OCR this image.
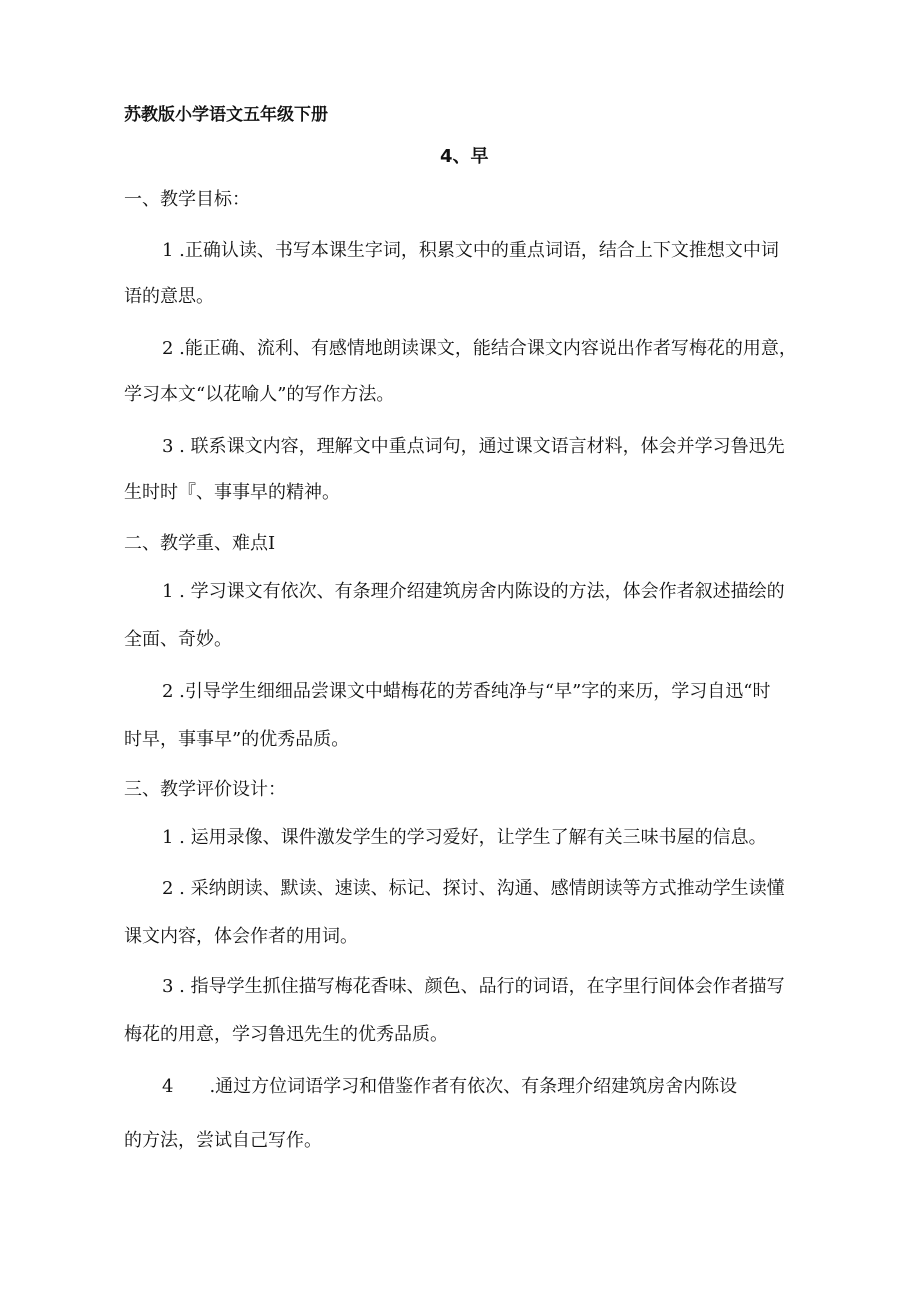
苏教版小学语文五年级下册
4、早
一、教学目标：
1 .正确认读、书写本课生字词，积累文中的重点词语，结合上下文推想文中词
语的意思。
2 .能正确、流利、有感情地朗读课文，能结合课文内容说出作者写梅花的用意，
学习本文“以花喻人”的写作方法。
3 . 联系课文内容，理解文中重点词句，通过课文语言材料，体会并学习鲁迅先
生时时『、事事早的精神。
二、教学重、难点I
1 . 学习课文有依次、有条理介绍建筑房舍内陈设的方法，体会作者叙述描绘的
全面、奇妙。
2 .引导学生细细品尝课文中蜡梅花的芳香纯净与“早”字的来历，学习自迅“时
时早，事事早”的优秀品质。
三、教学评价设计：
1 . 运用录像、课件激发学生的学习爱好，让学生了解有关三味书屋的信息。
2 . 采纳朗读、默读、速读、标记、探讨、沟通、感情朗读等方式推动学生读懂
课文内容，体会作者的用词。
3 . 指导学生抓住描写梅花香味、颜色、品行的词语，在字里行间体会作者描写
梅花的用意，学习鲁迅先生的优秀品质。
4　　.通过方位词语学习和借鉴作者有依次、有条理介绍建筑房舍内陈设
的方法，尝试自己写作。
